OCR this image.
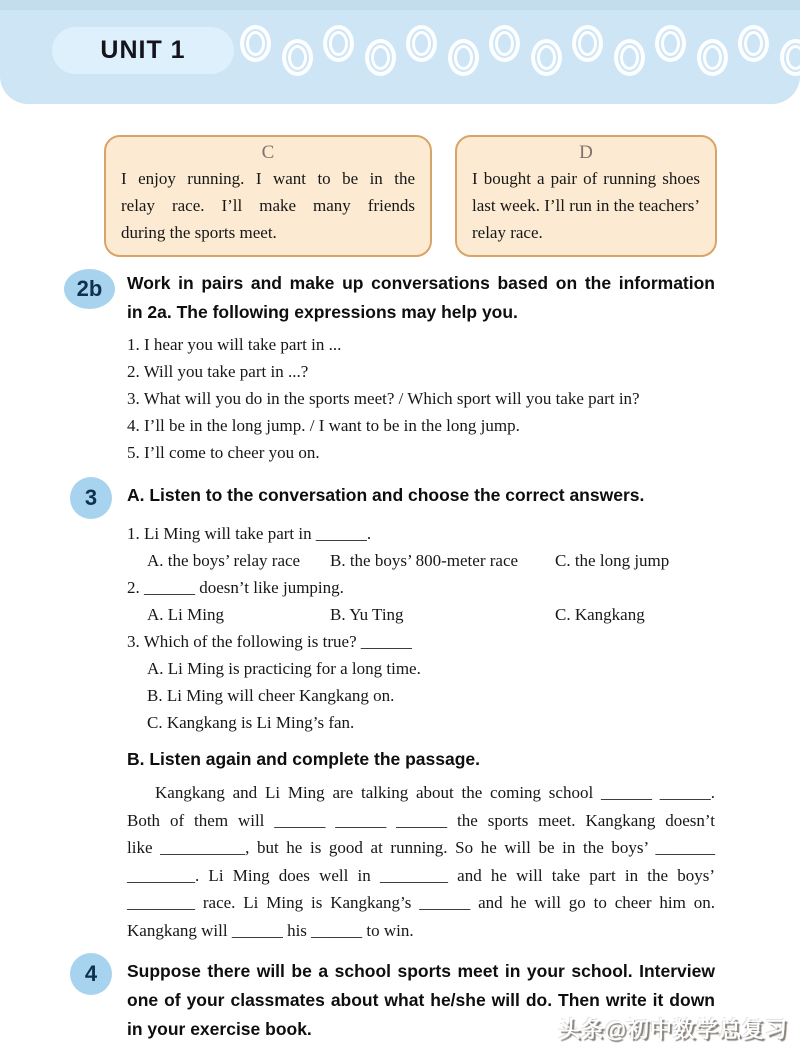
UNIT 1
C
I enjoy running. I want to be in the
relay race. I’ll make many friends
during the sports meet.
D
I bought a pair of running shoes
last week. I’ll run in the teachers’
relay race.
2b	Work in pairs and make up conversations based on the information
in 2a. The following expressions may help you.
1. I hear you will take part in ...
2. Will you take part in ...?
3. What will you do in the sports meet? / Which sport will you take part in?
4. I’ll be in the long jump. / I want to be in the long jump.
5. I’ll come to cheer you on.
3	A. Listen to the conversation and choose the correct answers.
1. Li Ming will take part in ______.
A. the boys’ relay race	B. the boys’ 800-meter race	C. the long jump
2. ______ doesn’t like jumping.
A. Li Ming	B. Yu Ting	C. Kangkang
3. Which of the following is true? ______
A. Li Ming is practicing for a long time.
B. Li Ming will cheer Kangkang on.
C. Kangkang is Li Ming’s fan.
B. Listen again and complete the passage.
Kangkang and Li Ming are talking about the coming school ______ ______.
Both of them will ______ ______ ______ the sports meet. Kangkang doesn’t
like __________, but he is good at running. So he will be in the boys’ _______
________. Li Ming does well in ________ and he will take part in the boys’
________ race. Li Ming is Kangkang’s ______ and he will go to cheer him on.
Kangkang will ______ his ______ to win.
4	Suppose there will be a school sports meet in your school. Interview
one of your classmates about what he/she will do. Then write it down
in your exercise book.	头条@初中数学总复习
